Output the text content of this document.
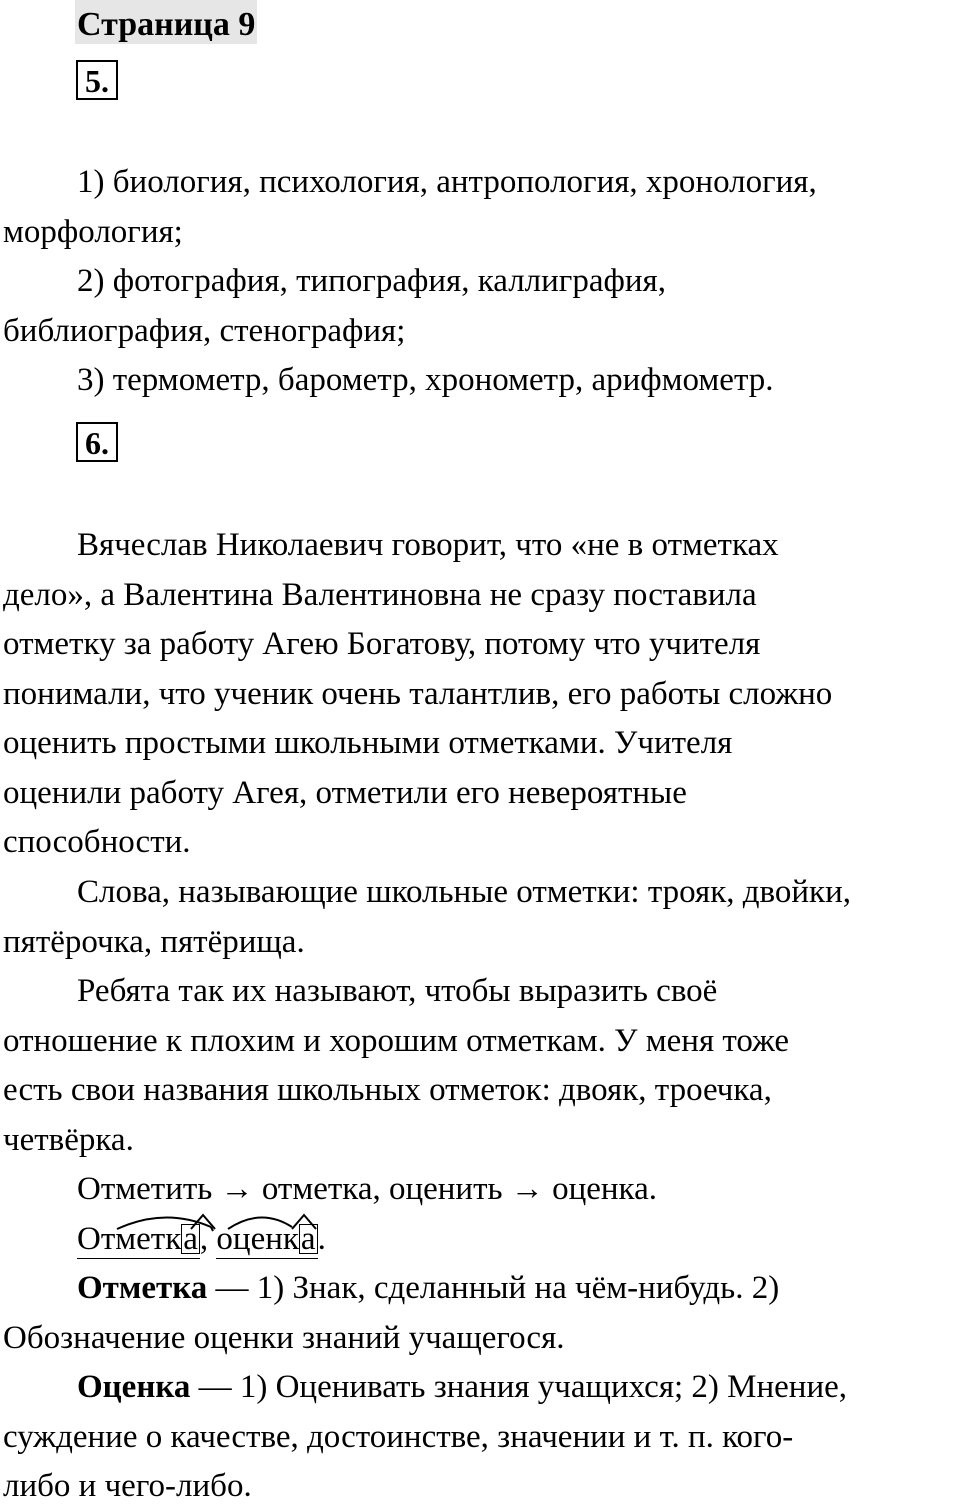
Страница 9
5.
1) биология, психология, антропология, хронология,
морфология;
2) фотография, типография, каллиграфия,
библиография, стенография;
3) термометр, барометр, хронометр, арифмометр.
6.
Вячеслав Николаевич говорит, что «не в отметках
дело», а Валентина Валентиновна не сразу поставила
отметку за работу Агею Богатову, потому что учителя
понимали, что ученик очень талантлив, его работы сложно
оценить простыми школьными отметками. Учителя
оценили работу Агея, отметили его невероятные
способности.
Слова, называющие школьные отметки: трояк, двойки,
пятёрочка, пятёрища.
Ребята так их называют, чтобы выразить своё
отношение к плохим и хорошим отметкам. У меня тоже
есть свои названия школьных отметок: двояк, троечка,
четвёрка.
Отметить → отметка, оценить → оценка.
Отметка
, оценка
.
Отметка — 1) Знак, сделанный на чём-нибудь. 2)
Обозначение оценки знаний учащегося.
Оценка — 1) Оценивать знания учащихся; 2) Мнение,
суждение о качестве, достоинстве, значении и т. п. кого-
либо и чего-либо.
